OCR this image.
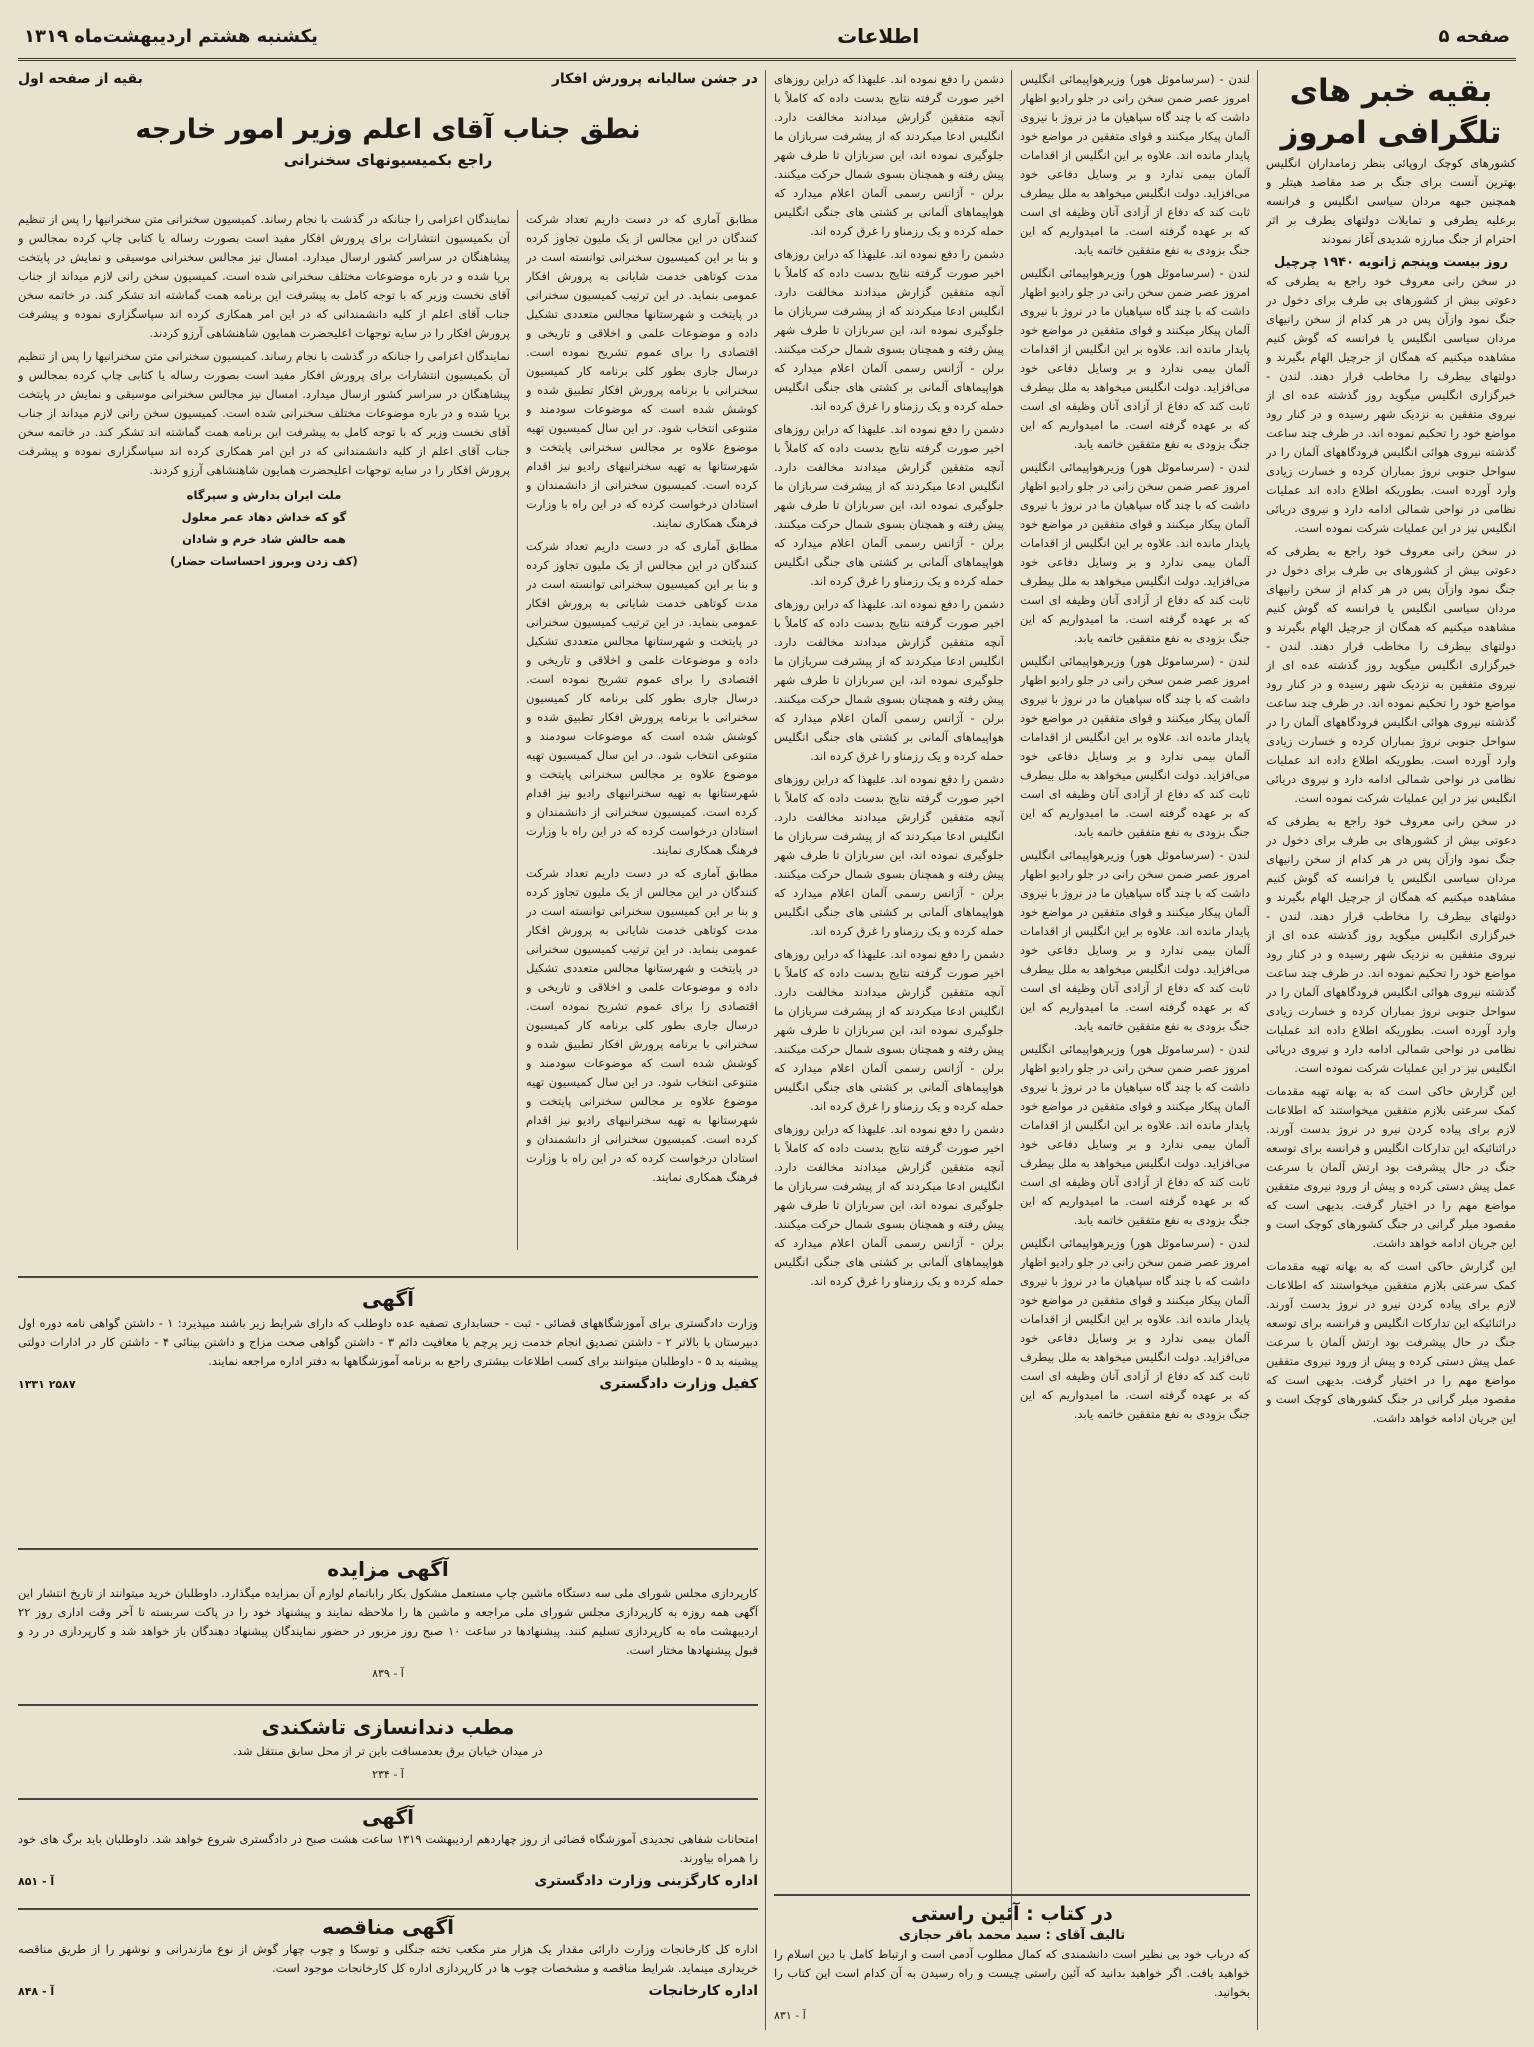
صفحه ۵
اطلاعات
یکشنبه هشتم اردیبهشت‌ماه ۱۳۱۹
بقیه خبر های تلگرافی امروز

کشورهای کوچک اروپائی بنظر زمامداران انگلیس بهترین آنست برای جنگ بر ضد مقاصد هیتلر و همچنین جبهه مردان سیاسی انگلیس و فرانسه برعلیه یطرفی و تمایلات دولتهای یطرف بر اثر احترام از جنگ مبارزه شدیدی آغاز نمودند

روز بیست وپنجم ژانویه ۱۹۴۰ چرچیل

در سخن رانی معروف خود راجع به یطرفی که دعوتی بیش از کشورهای بی طرف برای دخول در جنگ نمود وازآن پس در هر کدام از سخن رانیهای مردان سیاسی انگلیس یا فرانسه که گوش کنیم مشاهده میکنیم که همگان از جرچیل الهام بگیرند و دولتهای بیطرف را مخاطب قرار دهند. لندن - خبرگزاری انگلیس میگوید روز گذشته عده ای از نیروی متفقین به نزدیک شهر رسیده و در کنار رود مواضع خود را تحکیم نموده اند. در ظرف چند ساعت گذشته نیروی هوائی انگلیس فرودگاههای آلمان را در سواحل جنوبی نروژ بمباران کرده و خسارت زیادی وارد آورده است. بطوریکه اطلاع داده اند عملیات نظامی در نواحی شمالی ادامه دارد و نیروی دریائی انگلیس نیز در این عملیات شرکت نموده است.

در سخن رانی معروف خود راجع به یطرفی که دعوتی بیش از کشورهای بی طرف برای دخول در جنگ نمود وازآن پس در هر کدام از سخن رانیهای مردان سیاسی انگلیس یا فرانسه که گوش کنیم مشاهده میکنیم که همگان از جرچیل الهام بگیرند و دولتهای بیطرف را مخاطب قرار دهند. لندن - خبرگزاری انگلیس میگوید روز گذشته عده ای از نیروی متفقین به نزدیک شهر رسیده و در کنار رود مواضع خود را تحکیم نموده اند. در ظرف چند ساعت گذشته نیروی هوائی انگلیس فرودگاههای آلمان را در سواحل جنوبی نروژ بمباران کرده و خسارت زیادی وارد آورده است. بطوریکه اطلاع داده اند عملیات نظامی در نواحی شمالی ادامه دارد و نیروی دریائی انگلیس نیز در این عملیات شرکت نموده است.

در سخن رانی معروف خود راجع به یطرفی که دعوتی بیش از کشورهای بی طرف برای دخول در جنگ نمود وازآن پس در هر کدام از سخن رانیهای مردان سیاسی انگلیس یا فرانسه که گوش کنیم مشاهده میکنیم که همگان از جرچیل الهام بگیرند و دولتهای بیطرف را مخاطب قرار دهند. لندن - خبرگزاری انگلیس میگوید روز گذشته عده ای از نیروی متفقین به نزدیک شهر رسیده و در کنار رود مواضع خود را تحکیم نموده اند. در ظرف چند ساعت گذشته نیروی هوائی انگلیس فرودگاههای آلمان را در سواحل جنوبی نروژ بمباران کرده و خسارت زیادی وارد آورده است. بطوریکه اطلاع داده اند عملیات نظامی در نواحی شمالی ادامه دارد و نیروی دریائی انگلیس نیز در این عملیات شرکت نموده است.

این گزارش حاکی است که به بهانه تهیه مقدمات کمک سرعتی بلازم متفقین میخواستند که اطلاعات لازم برای پیاده کردن نیرو در نروژ بدست آورند. دراثنائیکه این تدارکات انگلیس و فرانسه برای توسعه جنگ در حال پیشرفت بود ارتش آلمان با سرعت عمل پیش دستی کرده و پیش از ورود نیروی متفقین مواضع مهم را در اختیار گرفت. بدیهی است که مقصود میلر گرانی در جنگ کشورهای کوچک است و این جریان ادامه خواهد داشت.

این گزارش حاکی است که به بهانه تهیه مقدمات کمک سرعتی بلازم متفقین میخواستند که اطلاعات لازم برای پیاده کردن نیرو در نروژ بدست آورند. دراثنائیکه این تدارکات انگلیس و فرانسه برای توسعه جنگ در حال پیشرفت بود ارتش آلمان با سرعت عمل پیش دستی کرده و پیش از ورود نیروی متفقین مواضع مهم را در اختیار گرفت. بدیهی است که مقصود میلر گرانی در جنگ کشورهای کوچک است و این جریان ادامه خواهد داشت.

لندن - (سرساموئل هور) وزیرهواپیمائی انگلیس امروز عصر ضمن سخن رانی در جلو رادیو اظهار داشت که با چند گاه سپاهیان ما در نروژ با نیروی آلمان پیکار میکنند و قوای متفقین در مواضع خود پایدار مانده اند. علاوه بر این انگلیس از اقدامات آلمان بیمی ندارد و بر وسایل دفاعی خود می‌افزاید. دولت انگلیس میخواهد به ملل بیطرف ثابت کند که دفاع از آزادی آنان وظیفه ای است که بر عهده گرفته است. ما امیدواریم که این جنگ بزودی به نفع متفقین خاتمه یابد.

لندن - (سرساموئل هور) وزیرهواپیمائی انگلیس امروز عصر ضمن سخن رانی در جلو رادیو اظهار داشت که با چند گاه سپاهیان ما در نروژ با نیروی آلمان پیکار میکنند و قوای متفقین در مواضع خود پایدار مانده اند. علاوه بر این انگلیس از اقدامات آلمان بیمی ندارد و بر وسایل دفاعی خود می‌افزاید. دولت انگلیس میخواهد به ملل بیطرف ثابت کند که دفاع از آزادی آنان وظیفه ای است که بر عهده گرفته است. ما امیدواریم که این جنگ بزودی به نفع متفقین خاتمه یابد.

لندن - (سرساموئل هور) وزیرهواپیمائی انگلیس امروز عصر ضمن سخن رانی در جلو رادیو اظهار داشت که با چند گاه سپاهیان ما در نروژ با نیروی آلمان پیکار میکنند و قوای متفقین در مواضع خود پایدار مانده اند. علاوه بر این انگلیس از اقدامات آلمان بیمی ندارد و بر وسایل دفاعی خود می‌افزاید. دولت انگلیس میخواهد به ملل بیطرف ثابت کند که دفاع از آزادی آنان وظیفه ای است که بر عهده گرفته است. ما امیدواریم که این جنگ بزودی به نفع متفقین خاتمه یابد.

لندن - (سرساموئل هور) وزیرهواپیمائی انگلیس امروز عصر ضمن سخن رانی در جلو رادیو اظهار داشت که با چند گاه سپاهیان ما در نروژ با نیروی آلمان پیکار میکنند و قوای متفقین در مواضع خود پایدار مانده اند. علاوه بر این انگلیس از اقدامات آلمان بیمی ندارد و بر وسایل دفاعی خود می‌افزاید. دولت انگلیس میخواهد به ملل بیطرف ثابت کند که دفاع از آزادی آنان وظیفه ای است که بر عهده گرفته است. ما امیدواریم که این جنگ بزودی به نفع متفقین خاتمه یابد.

لندن - (سرساموئل هور) وزیرهواپیمائی انگلیس امروز عصر ضمن سخن رانی در جلو رادیو اظهار داشت که با چند گاه سپاهیان ما در نروژ با نیروی آلمان پیکار میکنند و قوای متفقین در مواضع خود پایدار مانده اند. علاوه بر این انگلیس از اقدامات آلمان بیمی ندارد و بر وسایل دفاعی خود می‌افزاید. دولت انگلیس میخواهد به ملل بیطرف ثابت کند که دفاع از آزادی آنان وظیفه ای است که بر عهده گرفته است. ما امیدواریم که این جنگ بزودی به نفع متفقین خاتمه یابد.

لندن - (سرساموئل هور) وزیرهواپیمائی انگلیس امروز عصر ضمن سخن رانی در جلو رادیو اظهار داشت که با چند گاه سپاهیان ما در نروژ با نیروی آلمان پیکار میکنند و قوای متفقین در مواضع خود پایدار مانده اند. علاوه بر این انگلیس از اقدامات آلمان بیمی ندارد و بر وسایل دفاعی خود می‌افزاید. دولت انگلیس میخواهد به ملل بیطرف ثابت کند که دفاع از آزادی آنان وظیفه ای است که بر عهده گرفته است. ما امیدواریم که این جنگ بزودی به نفع متفقین خاتمه یابد.

لندن - (سرساموئل هور) وزیرهواپیمائی انگلیس امروز عصر ضمن سخن رانی در جلو رادیو اظهار داشت که با چند گاه سپاهیان ما در نروژ با نیروی آلمان پیکار میکنند و قوای متفقین در مواضع خود پایدار مانده اند. علاوه بر این انگلیس از اقدامات آلمان بیمی ندارد و بر وسایل دفاعی خود می‌افزاید. دولت انگلیس میخواهد به ملل بیطرف ثابت کند که دفاع از آزادی آنان وظیفه ای است که بر عهده گرفته است. ما امیدواریم که این جنگ بزودی به نفع متفقین خاتمه یابد.

دشمن را دفع نموده اند. علیهذا که دراین روزهای اخیر صورت گرفته نتایج بدست داده که کاملاً با آنچه متفقین گزارش میدادند مخالفت دارد. انگلیس ادعا میکردند که از پیشرفت سربازان ما جلوگیری نموده اند، این سربازان تا طرف شهر پیش رفته و همچنان بسوی شمال حرکت میکنند. برلن - آژانس رسمی آلمان اعلام میدارد که هواپیماهای آلمانی بر کشتی های جنگی انگلیس حمله کرده و یک رزمناو را غرق کرده اند.

دشمن را دفع نموده اند. علیهذا که دراین روزهای اخیر صورت گرفته نتایج بدست داده که کاملاً با آنچه متفقین گزارش میدادند مخالفت دارد. انگلیس ادعا میکردند که از پیشرفت سربازان ما جلوگیری نموده اند، این سربازان تا طرف شهر پیش رفته و همچنان بسوی شمال حرکت میکنند. برلن - آژانس رسمی آلمان اعلام میدارد که هواپیماهای آلمانی بر کشتی های جنگی انگلیس حمله کرده و یک رزمناو را غرق کرده اند.

دشمن را دفع نموده اند. علیهذا که دراین روزهای اخیر صورت گرفته نتایج بدست داده که کاملاً با آنچه متفقین گزارش میدادند مخالفت دارد. انگلیس ادعا میکردند که از پیشرفت سربازان ما جلوگیری نموده اند، این سربازان تا طرف شهر پیش رفته و همچنان بسوی شمال حرکت میکنند. برلن - آژانس رسمی آلمان اعلام میدارد که هواپیماهای آلمانی بر کشتی های جنگی انگلیس حمله کرده و یک رزمناو را غرق کرده اند.

دشمن را دفع نموده اند. علیهذا که دراین روزهای اخیر صورت گرفته نتایج بدست داده که کاملاً با آنچه متفقین گزارش میدادند مخالفت دارد. انگلیس ادعا میکردند که از پیشرفت سربازان ما جلوگیری نموده اند، این سربازان تا طرف شهر پیش رفته و همچنان بسوی شمال حرکت میکنند. برلن - آژانس رسمی آلمان اعلام میدارد که هواپیماهای آلمانی بر کشتی های جنگی انگلیس حمله کرده و یک رزمناو را غرق کرده اند.

دشمن را دفع نموده اند. علیهذا که دراین روزهای اخیر صورت گرفته نتایج بدست داده که کاملاً با آنچه متفقین گزارش میدادند مخالفت دارد. انگلیس ادعا میکردند که از پیشرفت سربازان ما جلوگیری نموده اند، این سربازان تا طرف شهر پیش رفته و همچنان بسوی شمال حرکت میکنند. برلن - آژانس رسمی آلمان اعلام میدارد که هواپیماهای آلمانی بر کشتی های جنگی انگلیس حمله کرده و یک رزمناو را غرق کرده اند.

دشمن را دفع نموده اند. علیهذا که دراین روزهای اخیر صورت گرفته نتایج بدست داده که کاملاً با آنچه متفقین گزارش میدادند مخالفت دارد. انگلیس ادعا میکردند که از پیشرفت سربازان ما جلوگیری نموده اند، این سربازان تا طرف شهر پیش رفته و همچنان بسوی شمال حرکت میکنند. برلن - آژانس رسمی آلمان اعلام میدارد که هواپیماهای آلمانی بر کشتی های جنگی انگلیس حمله کرده و یک رزمناو را غرق کرده اند.

دشمن را دفع نموده اند. علیهذا که دراین روزهای اخیر صورت گرفته نتایج بدست داده که کاملاً با آنچه متفقین گزارش میدادند مخالفت دارد. انگلیس ادعا میکردند که از پیشرفت سربازان ما جلوگیری نموده اند، این سربازان تا طرف شهر پیش رفته و همچنان بسوی شمال حرکت میکنند. برلن - آژانس رسمی آلمان اعلام میدارد که هواپیماهای آلمانی بر کشتی های جنگی انگلیس حمله کرده و یک رزمناو را غرق کرده اند.

در کتاب : آئین راستی
تالیف آقای : سید محمد باقر حجازی

که درباب خود بی نظیر است دانشمندی که کمال مطلوب آدمی است و ارتباط کامل با دین اسلام را خواهید یافت. اگر خواهید بدانید که آئین راستی چیست و راه رسیدن به آن کدام است این کتاب را بخوانید.

آ - ۸۳۱
در جشن سالیانه پرورش افکار
بقیه از صفحه اول
نطق جناب آقای اعلم وزیر امور خارجه
راجع بکمیسیونهای سخنرانی

مطابق آماری که در دست داریم تعداد شرکت کنندگان در این مجالس از یک ملیون تجاوز کرده و بنا بر این کمیسیون سخنرانی توانسته است در مدت کوتاهی خدمت شایانی به پرورش افکار عمومی بنماید. در این ترتیب کمیسیون سخنرانی در پایتخت و شهرستانها مجالس متعددی تشکیل داده و موضوعات علمی و اخلاقی و تاریخی و اقتصادی را برای عموم تشریح نموده است. درسال جاری بطور کلی برنامه کار کمیسیون سخنرانی با برنامه پرورش افکار تطبیق شده و کوشش شده است که موضوعات سودمند و متنوعی انتخاب شود. در این سال کمیسیون تهیه موضوع علاوه بر مجالس سخنرانی پایتخت و شهرستانها به تهیه سخنرانیهای رادیو نیز اقدام کرده است. کمیسیون سخنرانی از دانشمندان و استادان درخواست کرده که در این راه با وزارت فرهنگ همکاری نمایند.

مطابق آماری که در دست داریم تعداد شرکت کنندگان در این مجالس از یک ملیون تجاوز کرده و بنا بر این کمیسیون سخنرانی توانسته است در مدت کوتاهی خدمت شایانی به پرورش افکار عمومی بنماید. در این ترتیب کمیسیون سخنرانی در پایتخت و شهرستانها مجالس متعددی تشکیل داده و موضوعات علمی و اخلاقی و تاریخی و اقتصادی را برای عموم تشریح نموده است. درسال جاری بطور کلی برنامه کار کمیسیون سخنرانی با برنامه پرورش افکار تطبیق شده و کوشش شده است که موضوعات سودمند و متنوعی انتخاب شود. در این سال کمیسیون تهیه موضوع علاوه بر مجالس سخنرانی پایتخت و شهرستانها به تهیه سخنرانیهای رادیو نیز اقدام کرده است. کمیسیون سخنرانی از دانشمندان و استادان درخواست کرده که در این راه با وزارت فرهنگ همکاری نمایند.

مطابق آماری که در دست داریم تعداد شرکت کنندگان در این مجالس از یک ملیون تجاوز کرده و بنا بر این کمیسیون سخنرانی توانسته است در مدت کوتاهی خدمت شایانی به پرورش افکار عمومی بنماید. در این ترتیب کمیسیون سخنرانی در پایتخت و شهرستانها مجالس متعددی تشکیل داده و موضوعات علمی و اخلاقی و تاریخی و اقتصادی را برای عموم تشریح نموده است. درسال جاری بطور کلی برنامه کار کمیسیون سخنرانی با برنامه پرورش افکار تطبیق شده و کوشش شده است که موضوعات سودمند و متنوعی انتخاب شود. در این سال کمیسیون تهیه موضوع علاوه بر مجالس سخنرانی پایتخت و شهرستانها به تهیه سخنرانیهای رادیو نیز اقدام کرده است. کمیسیون سخنرانی از دانشمندان و استادان درخواست کرده که در این راه با وزارت فرهنگ همکاری نمایند.

نمایندگان اعزامی را جنانکه در گذشت با نجام رساند. کمیسیون سخنرانی متن سخنرانیها را پس از تنظیم آن بکمیسیون انتشارات برای پرورش افکار مفید است بصورت رساله یا کتابی چاپ کرده بمجالس و پیشاهنگان در سراسر کشور ارسال میدارد. امسال نیز مجالس سخنرانی موسیقی و نمایش در پایتخت برپا شده و در باره موضوعات مختلف سخنرانی شده است. کمیسیون سخن رانی لازم میداند از جناب آقای نخست وزیر که با توجه کامل به پیشرفت این برنامه همت گماشته اند تشکر کند. در خاتمه سخن جناب آقای اعلم از کلیه دانشمندانی که در این امر همکاری کرده اند سپاسگزاری نموده و پیشرفت پرورش افکار را در سایه توجهات اعلیحضرت همایون شاهنشاهی آرزو کردند.

نمایندگان اعزامی را جنانکه در گذشت با نجام رساند. کمیسیون سخنرانی متن سخنرانیها را پس از تنظیم آن بکمیسیون انتشارات برای پرورش افکار مفید است بصورت رساله یا کتابی چاپ کرده بمجالس و پیشاهنگان در سراسر کشور ارسال میدارد. امسال نیز مجالس سخنرانی موسیقی و نمایش در پایتخت برپا شده و در باره موضوعات مختلف سخنرانی شده است. کمیسیون سخن رانی لازم میداند از جناب آقای نخست وزیر که با توجه کامل به پیشرفت این برنامه همت گماشته اند تشکر کند. در خاتمه سخن جناب آقای اعلم از کلیه دانشمندانی که در این امر همکاری کرده اند سپاسگزاری نموده و پیشرفت پرورش افکار را در سایه توجهات اعلیحضرت همایون شاهنشاهی آرزو کردند.

ملت ایران بدارش و سپرگاه
گو که خداش دهاد عمر معلول
همه حالش شاد خرم و شادان
(کف زدن وبروز احساسات حضار)
آگهی

وزارت دادگستری برای آموزشگاههای قضائی - ثبت - حسابداری تصفیه عده داوطلب که دارای شرایط زیر باشند میپذیرد: ۱ - داشتن گواهی نامه دوره اول دبیرستان یا بالاتر ۲ - داشتن تصدیق انجام خدمت زیر پرچم یا معافیت دائم ۳ - داشتن گواهی صحت مزاج و داشتن بینائی ۴ - داشتن کار در ادارات دولتی پیشینه بد ۵ - داوطلبان میتوانند برای کسب اطلاعات بیشتری راجع به برنامه آموزشگاهها به دفتر اداره مراجعه نمایند.

کفیل وزارت دادگستری
۲۵۸۷ ۱۳۳۱
آگهی مزایده

کارپردازی مجلس شورای ملی سه دستگاه ماشین چاپ مستعمل مشکول بکار راباتمام لوازم آن بمزایده میگذارد. داوطلبان خرید میتوانند از تاریخ انتشار این آگهی همه روزه به کارپردازی مجلس شورای ملی مراجعه و ماشین ها را ملاحظه نمایند و پیشنهاد خود را در پاکت سربسته تا آخر وقت اداری روز ۲۲ اردیبهشت ماه به کارپردازی تسلیم کنند. پیشنهادها در ساعت ۱۰ صبح روز مزبور در حضور نمایندگان پیشنهاد دهندگان باز خواهد شد و کارپردازی در رد و قبول پیشنهادها مختار است.

آ - ۸۳۹
مطب دندانسازی تاشکندی

در میدان خیابان برق بعدمسافت باین تر از محل سابق منتقل شد.

آ - ۲۳۴
آگهی

امتحانات شفاهی تجدیدی آموزشگاه قضائی از روز چهاردهم اردیبهشت ۱۳۱۹ ساعت هشت صبح در دادگستری شروع خواهد شد. داوطلبان باید برگ های خود را همراه بیاورند.

اداره کارگزینی وزارت دادگستری
آ - ۸۵۱
آگهی مناقصه

اداره کل کارخانجات وزارت دارائی مقدار یک هزار متر مکعب تخته جنگلی و توسکا و چوب چهار گوش از نوع مازندرانی و نوشهر را از طریق مناقصه خریداری مینماید. شرایط مناقصه و مشخصات چوب ها در کارپردازی اداره کل کارخانجات موجود است.

اداره کارخانجات
آ - ۸۴۸
